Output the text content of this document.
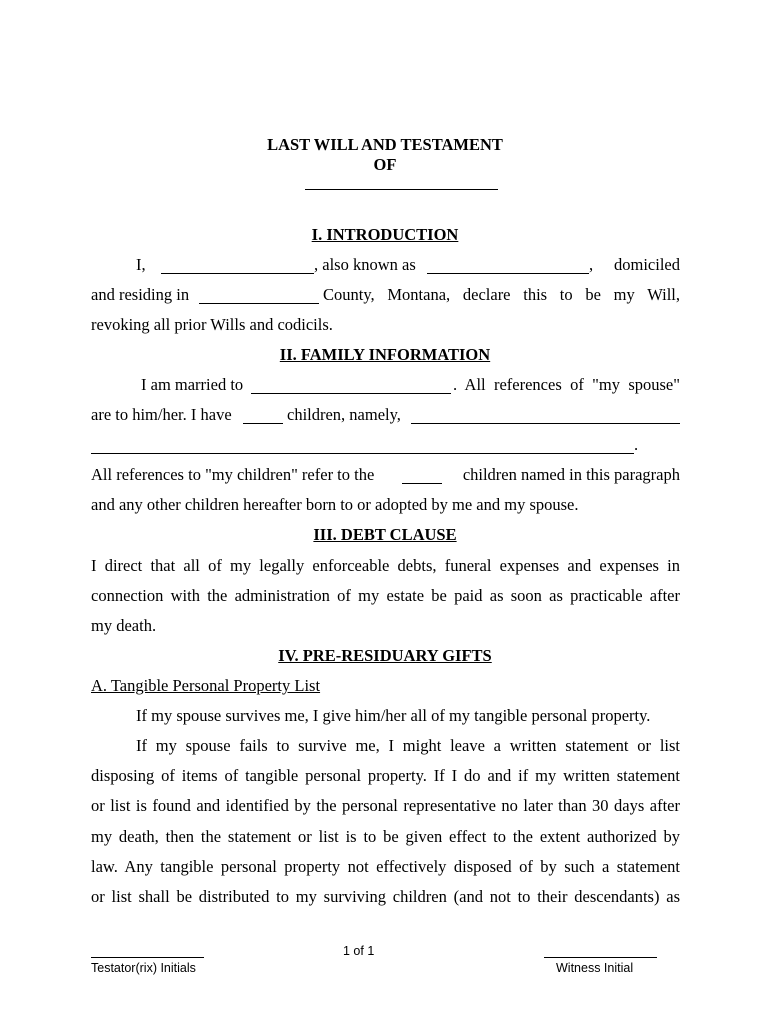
LAST WILL AND TESTAMENT
OF
I. INTRODUCTION
I,	, also known as	, domiciled
and residing in	County, Montana, declare this to be my Will,
revoking all prior Wills and codicils.
II. FAMILY INFORMATION
I am married to	. All references of "my spouse"
are to him/her. I have	children, namely,
.
All references to "my children" refer to the	children named in this paragraph
and any other children hereafter born to or adopted by me and my spouse.
III. DEBT CLAUSE
I direct that all of my legally enforceable debts, funeral expenses and expenses in
connection with the administration of my estate be paid as soon as practicable after
my death.
IV. PRE-RESIDUARY GIFTS
A. Tangible Personal Property List
If my spouse survives me, I give him/her all of my tangible personal property.
If my spouse fails to survive me, I might leave a written statement or list
disposing of items of tangible personal property. If I do and if my written statement
or list is found and identified by the personal representative no later than 30 days after
my death, then the statement or list is to be given effect to the extent authorized by
law. Any tangible personal property not effectively disposed of by such a statement
or list shall be distributed to my surviving children (and not to their descendants) as
1 of 1
Testator(rix) Initials	Witness Initial
